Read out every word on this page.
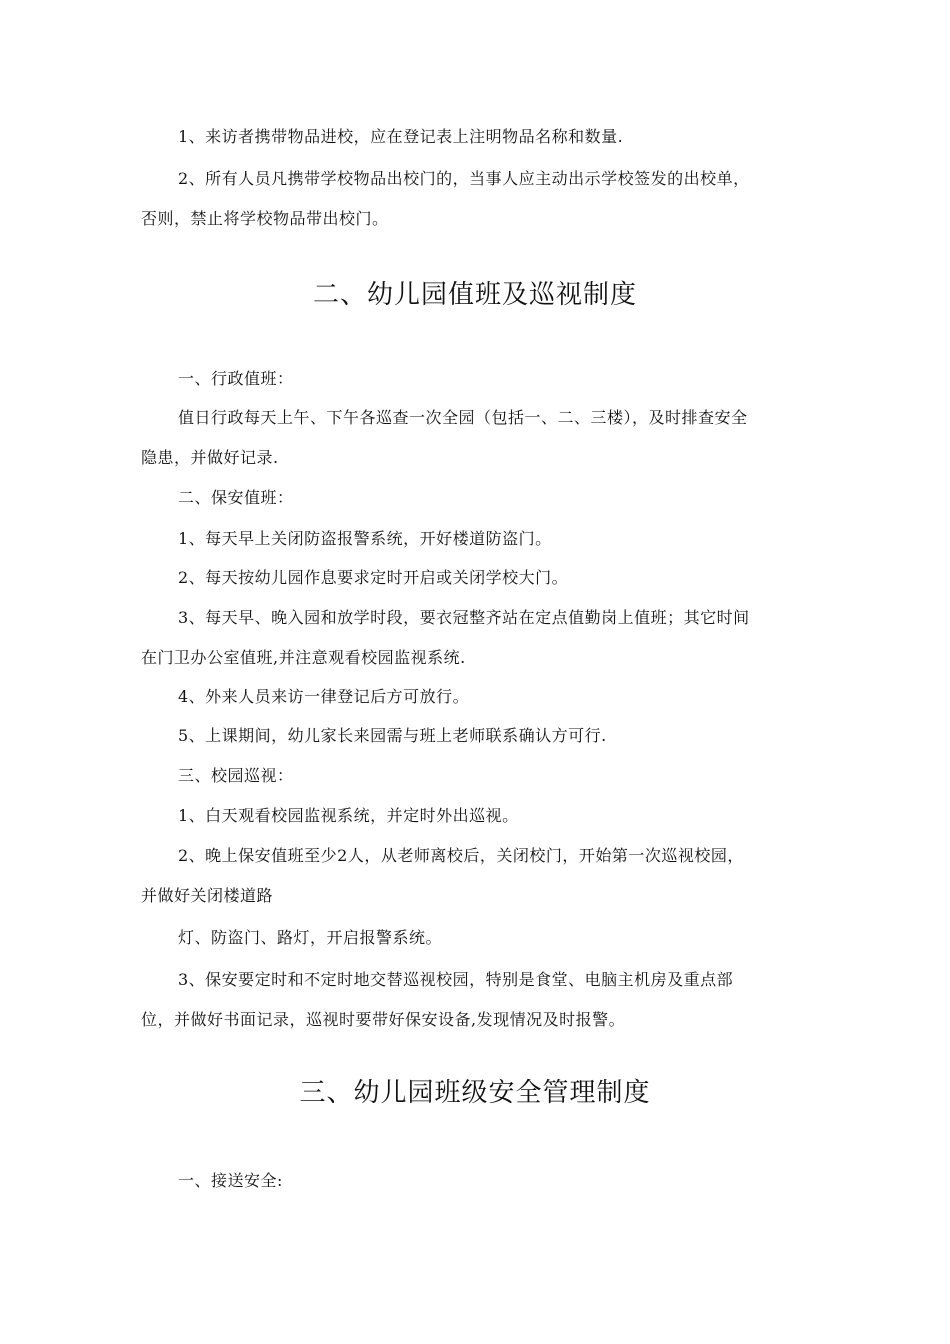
1、来访者携带物品进校，应在登记表上注明物品名称和数量.
2、所有人员凡携带学校物品出校门的，当事人应主动出示学校签发的出校单，
否则，禁止将学校物品带出校门。
二、幼儿园值班及巡视制度
一、行政值班：
值日行政每天上午、下午各巡查一次全园（包括一、二、三楼），及时排查安全
隐患，并做好记录.
二、保安值班：
1、每天早上关闭防盗报警系统，开好楼道防盗门。
2、每天按幼儿园作息要求定时开启或关闭学校大门。
3、每天早、晚入园和放学时段，要衣冠整齐站在定点值勤岗上值班；其它时间
在门卫办公室值班,并注意观看校园监视系统.
4、外来人员来访一律登记后方可放行。
5、上课期间，幼儿家长来园需与班上老师联系确认方可行.
三、校园巡视：
1、白天观看校园监视系统，并定时外出巡视。
2、晚上保安值班至少2人，从老师离校后，关闭校门，开始第一次巡视校园，
并做好关闭楼道路
灯、防盗门、路灯，开启报警系统。
3、保安要定时和不定时地交替巡视校园，特别是食堂、电脑主机房及重点部
位，并做好书面记录，巡视时要带好保安设备,发现情况及时报警。
三、幼儿园班级安全管理制度
一、接送安全:
